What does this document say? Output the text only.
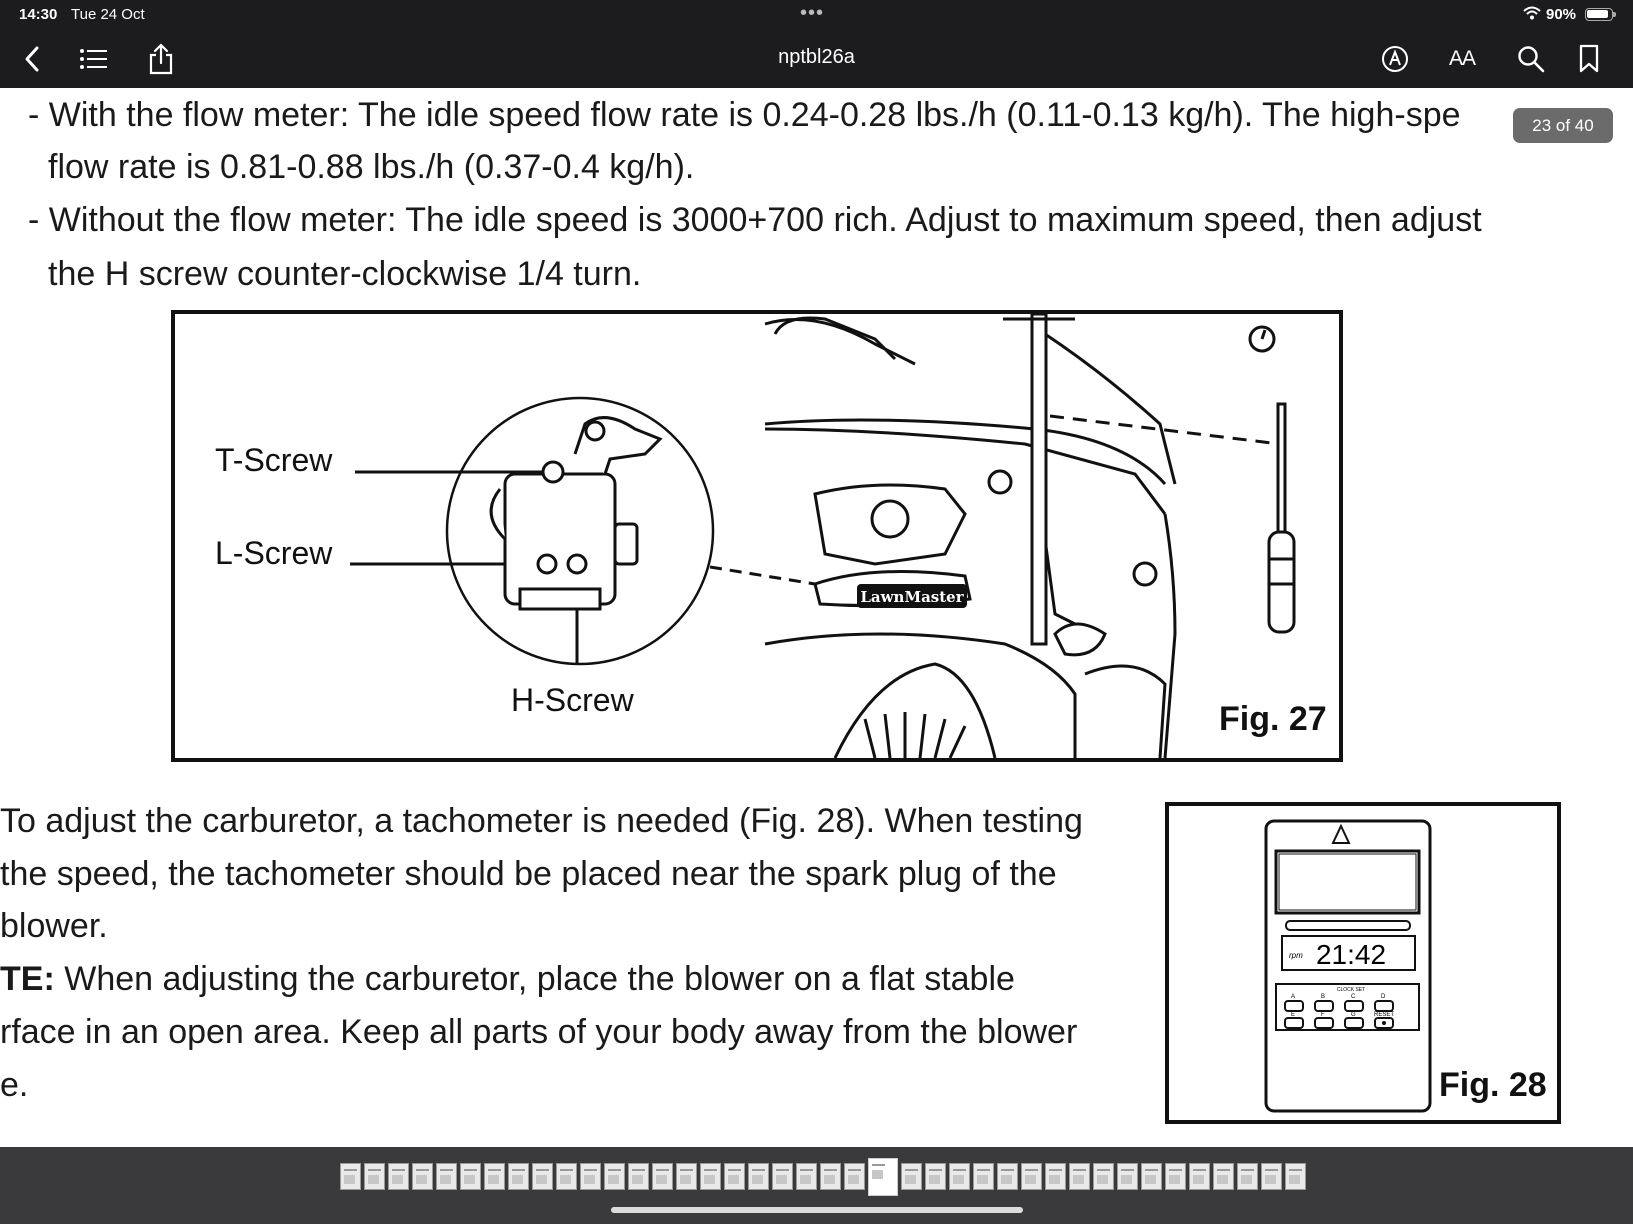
14:30 Tue 24 Oct	•••	90%
nptbl26a	AA
- With the flow meter: The idle speed flow rate is 0.24-0.28 lbs./h (0.11-0.13 kg/h). The high-spe
flow rate is 0.81-0.88 lbs./h (0.37-0.4 kg/h).
- Without the flow meter: The idle speed is 3000+700 rich. Adjust to maximum speed, then adjust
the H screw counter-clockwise 1/4 turn.
23 of 40
LawnMaster
T-Screw
L-Screw
H-Screw	Fig. 27
To adjust the carburetor, a tachometer is needed (Fig. 28). When testing
the speed, the tachometer should be placed near the spark plug of the
blower.
TE: When adjusting the carburetor, place the blower on a flat stable
rface in an open area. Keep all parts of your body away from the blower
e.
rpm 21:42
CLOCK SET
A	B	C	D
E	F	G	RESET
Fig. 28
